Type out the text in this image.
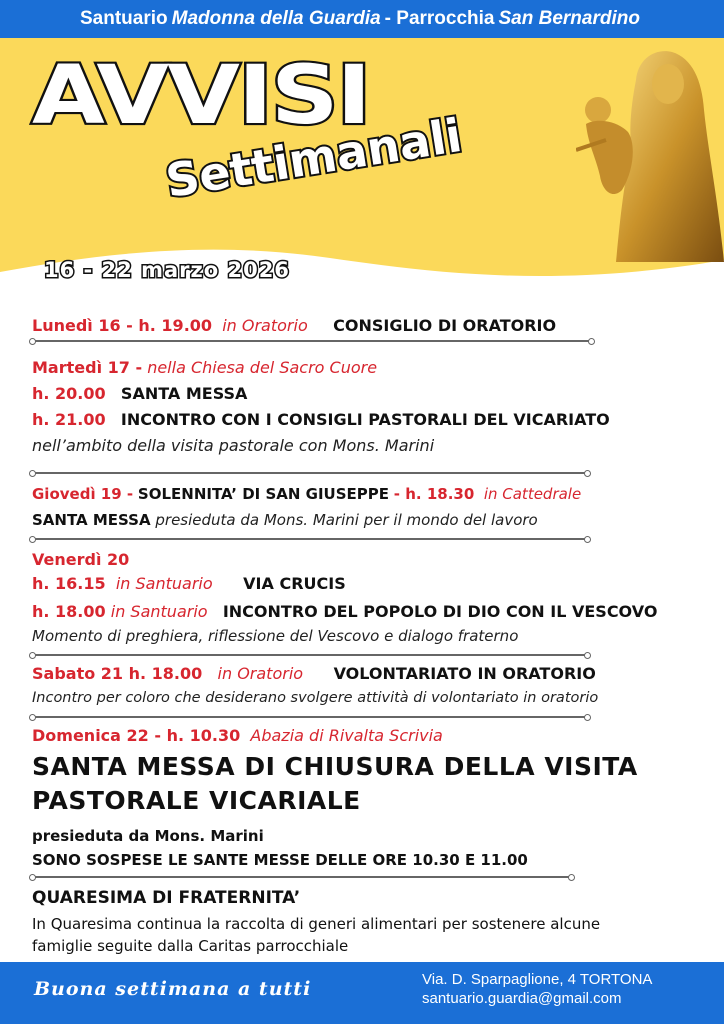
Santuario Madonna della Guardia - Parrocchia San Bernardino
AVVISI
Settimanali
16 - 22 marzo 2026
Lunedì 16 - h. 19.00 in Oratorio CONSIGLIO DI ORATORIO
Martedì 17 - nella Chiesa del Sacro Cuore
h. 20.00 SANTA MESSA
h. 21.00 INCONTRO CON I CONSIGLI PASTORALI DEL VICARIATO
nell’ambito della visita pastorale con Mons. Marini
Giovedì 19 - SOLENNITA’ DI SAN GIUSEPPE - h. 18.30 in Cattedrale
SANTA MESSA presieduta da Mons. Marini per il mondo del lavoro
Venerdì 20
h. 16.15 in Santuario VIA CRUCIS
h. 18.00 in Santuario INCONTRO DEL POPOLO DI DIO CON IL VESCOVO
Momento di preghiera, riflessione del Vescovo e dialogo fraterno
Sabato 21 h. 18.00 in Oratorio VOLONTARIATO IN ORATORIO
Incontro per coloro che desiderano svolgere attività di volontariato in oratorio
Domenica 22 - h. 10.30 Abazia di Rivalta Scrivia
SANTA MESSA DI CHIUSURA DELLA VISITA
PASTORALE VICARIALE
presieduta da Mons. Marini
SONO SOSPESE LE SANTE MESSE DELLE ORE 10.30 E 11.00
QUARESIMA DI FRATERNITA’
In Quaresima continua la raccolta di generi alimentari per sostenere alcune
famiglie seguite dalla Caritas parrocchiale
Buona settimana a tutti	Via. D. Sparpaglione, 4 TORTONA
santuario.guardia@gmail.com
